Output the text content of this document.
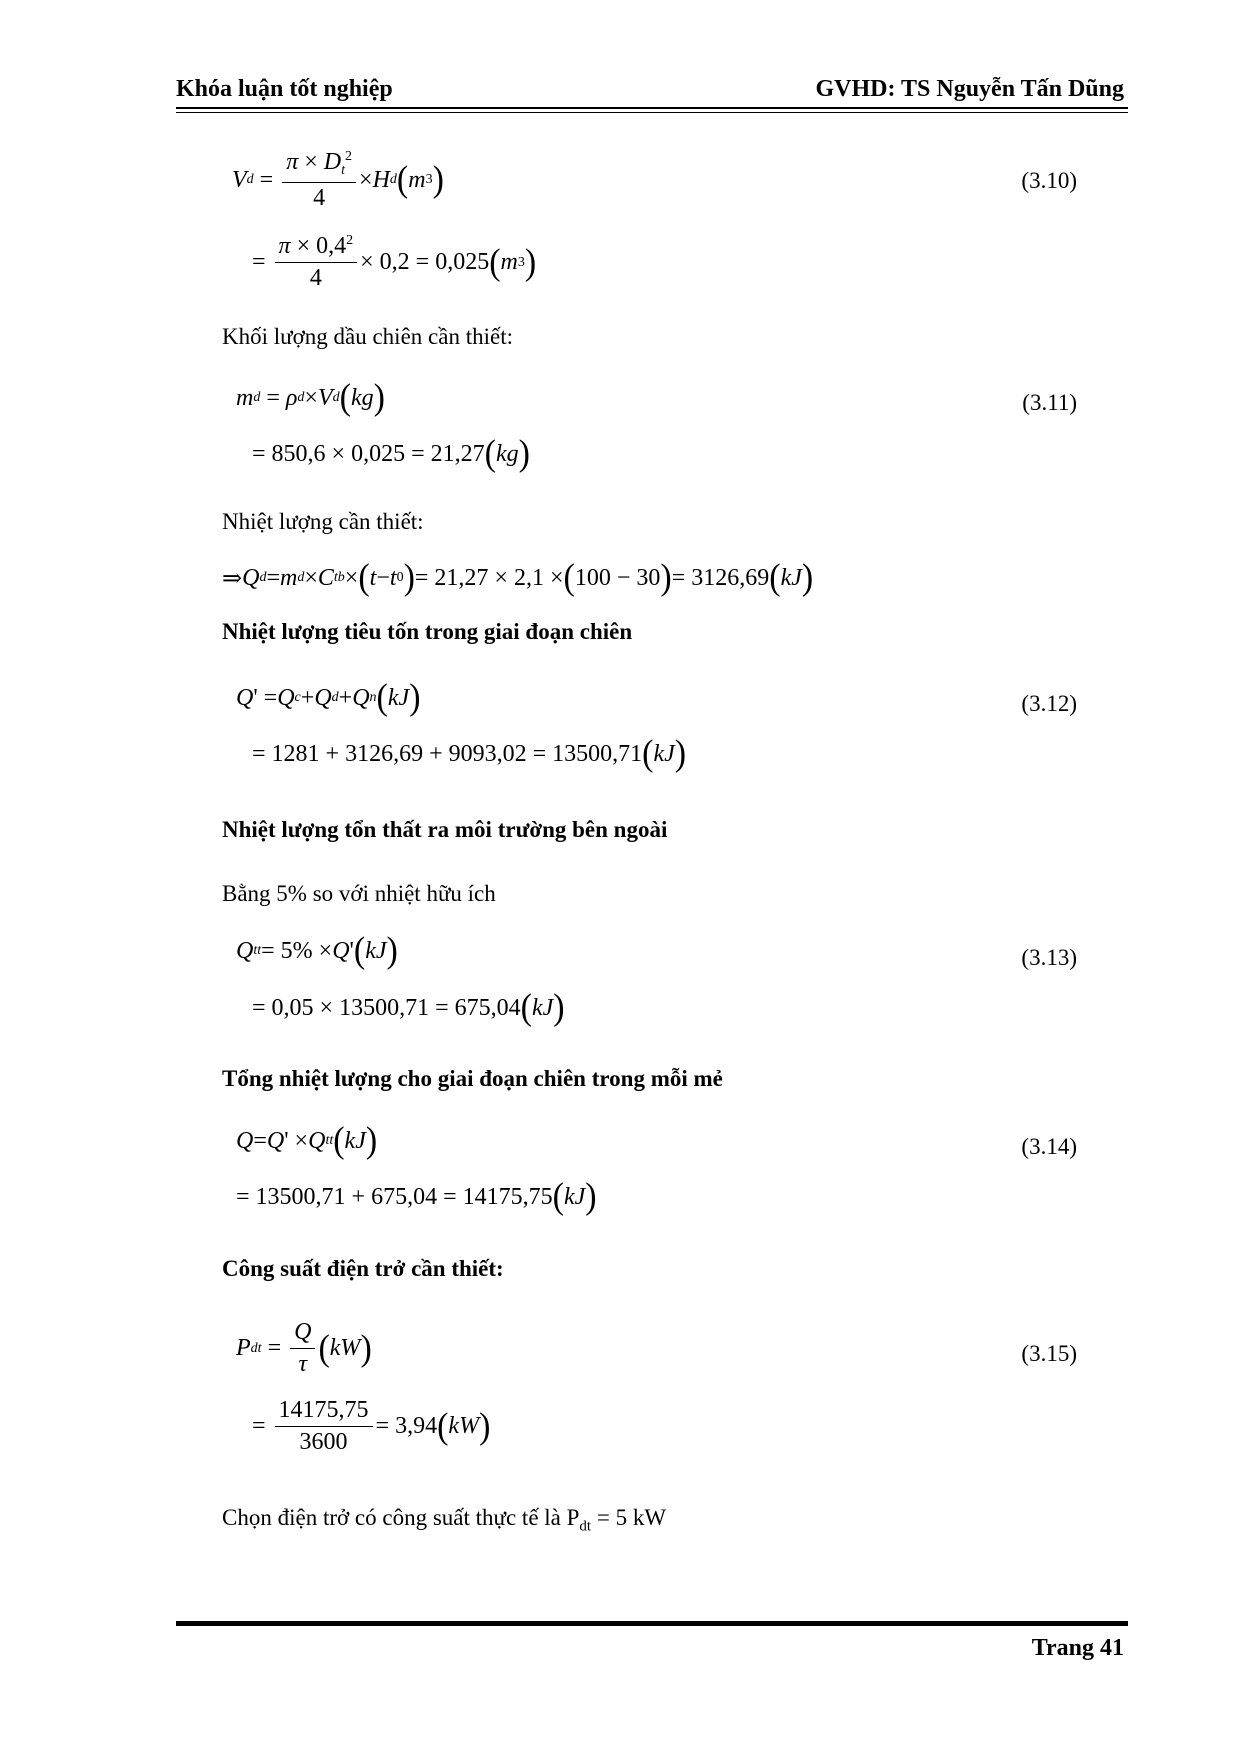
Khóa luận tốt nghiệp	GVHD: TS Nguyễn Tấn Dũng
V $d = \frac{\pi \times D_t^2}{4} \times H$ d ( m 3 )	(3.10)
= $\frac{\pi \times 0,4^2}{4} \times 0,2 = 0,025$ ( m 3 )
Khối lượng dầu chiên cần thiết:
m d = ρ d × V d ( kg )	(3.11)
= 850,6 × 0,025 = 21,27 ( kg )
Nhiệt lượng cần thiết:
⇒ Q d = m d × C tb × ( t − t 0 ) = 21,27 × 2,1 × ( 100 − 30 ) = 3126,69 ( kJ )
Nhiệt lượng tiêu tốn trong giai đoạn chiên
Q ' = Q c + Q d + Q n ( kJ )	(3.12)
= 1281 + 3126,69 + 9093,02 = 13500,71 ( kJ )
Nhiệt lượng tổn thất ra môi trường bên ngoài
Bằng 5% so với nhiệt hữu ích
Q tt = 5% × Q ' ( kJ )	(3.13)
= 0,05 × 13500,71 = 675,04 ( kJ )
Tổng nhiệt lượng cho giai đoạn chiên trong mỗi mẻ
Q = Q ' × Q tt ( kJ )	(3.14)
= 13500,71 + 675,04 = 14175,75 ( kJ )
Công suất điện trở cần thiết:
P dt = $\frac{Q}{\tau}$ ( kW )	(3.15)
= $\frac{14175,75}{3600} = 3,94$ ( kW )
Chọn điện trở có công suất thực tế là $P_{dt} = 5$ kW
Trang 41
